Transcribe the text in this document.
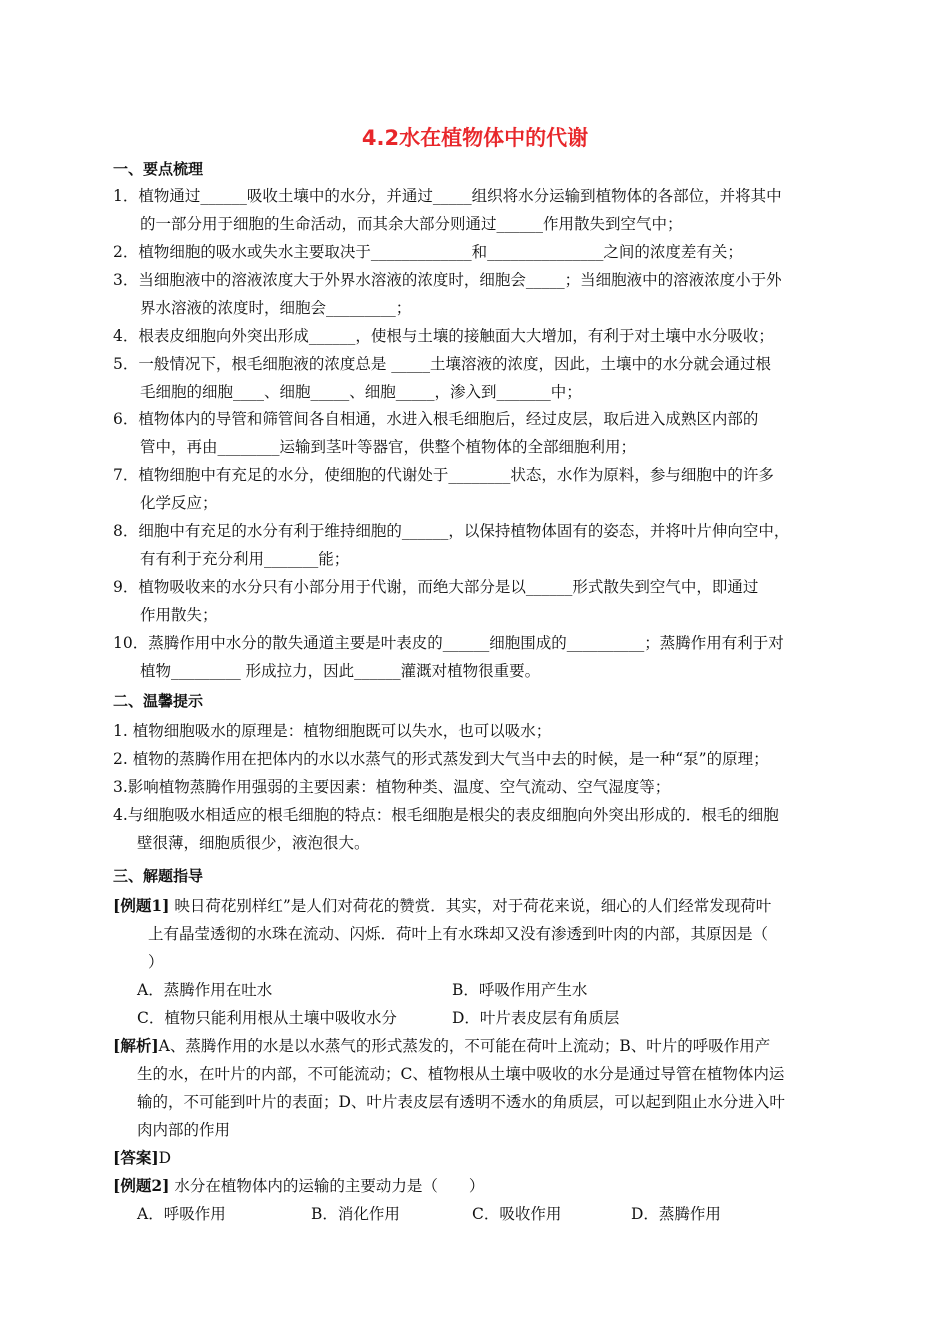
4.2水在植物体中的代谢
一、要点梳理
1．植物通过______吸收土壤中的水分，并通过_____组织将水分运输到植物体的各部位，并将其中
的一部分用于细胞的生命活动，而其余大部分则通过______作用散失到空气中；
2．植物细胞的吸水或失水主要取决于_____________和_______________之间的浓度差有关；
3．当细胞液中的溶液浓度大于外界水溶液的浓度时，细胞会_____；当细胞液中的溶液浓度小于外
界水溶液的浓度时，细胞会_________；
4．根表皮细胞向外突出形成______，使根与土壤的接触面大大增加，有利于对土壤中水分吸收；
5．一般情况下，根毛细胞液的浓度总是 _____土壤溶液的浓度，因此，土壤中的水分就会通过根
毛细胞的细胞____、细胞_____、细胞_____，渗入到_______中；
6．植物体内的导管和筛管间各自相通，水进入根毛细胞后，经过皮层，取后进入成熟区内部的
管中，再由________运输到茎叶等器官，供整个植物体的全部细胞利用；
7．植物细胞中有充足的水分，使细胞的代谢处于________状态，水作为原料，参与细胞中的许多
化学反应；
8．细胞中有充足的水分有利于维持细胞的______，以保持植物体固有的姿态，并将叶片伸向空中，
有有利于充分利用_______能；
9．植物吸收来的水分只有小部分用于代谢，而绝大部分是以______形式散失到空气中，即通过
作用散失；
10．蒸腾作用中水分的散失通道主要是叶表皮的______细胞围成的__________；蒸腾作用有利于对
植物_________ 形成拉力，因此______灌溉对植物很重要。
二、温馨提示
1. 植物细胞吸水的原理是：植物细胞既可以失水，也可以吸水；
2. 植物的蒸腾作用在把体内的水以水蒸气的形式蒸发到大气当中去的时候，是一种“泵”的原理；
3.影响植物蒸腾作用强弱的主要因素：植物种类、温度、空气流动、空气湿度等；
4.与细胞吸水相适应的根毛细胞的特点：根毛细胞是根尖的表皮细胞向外突出形成的．根毛的细胞
壁很薄，细胞质很少，液泡很大。
三、解题指导
[例题1] 映日荷花别样红”是人们对荷花的赞赏．其实，对于荷花来说，细心的人们经常发现荷叶
上有晶莹透彻的水珠在流动、闪烁．荷叶上有水珠却又没有渗透到叶肉的内部，其原因是（
）
A．蒸腾作用在吐水	B．呼吸作用产生水
C．植物只能利用根从土壤中吸收水分	D．叶片表皮层有角质层
[解析]A、蒸腾作用的水是以水蒸气的形式蒸发的，不可能在荷叶上流动；B、叶片的呼吸作用产
生的水，在叶片的内部，不可能流动；C、植物根从土壤中吸收的水分是通过导管在植物体内运
输的，不可能到叶片的表面；D、叶片表皮层有透明不透水的角质层，可以起到阻止水分进入叶
肉内部的作用
[答案]D
[例题2] 水分在植物体内的运输的主要动力是（　　）
A．呼吸作用	B．消化作用	C．吸收作用	D．蒸腾作用
